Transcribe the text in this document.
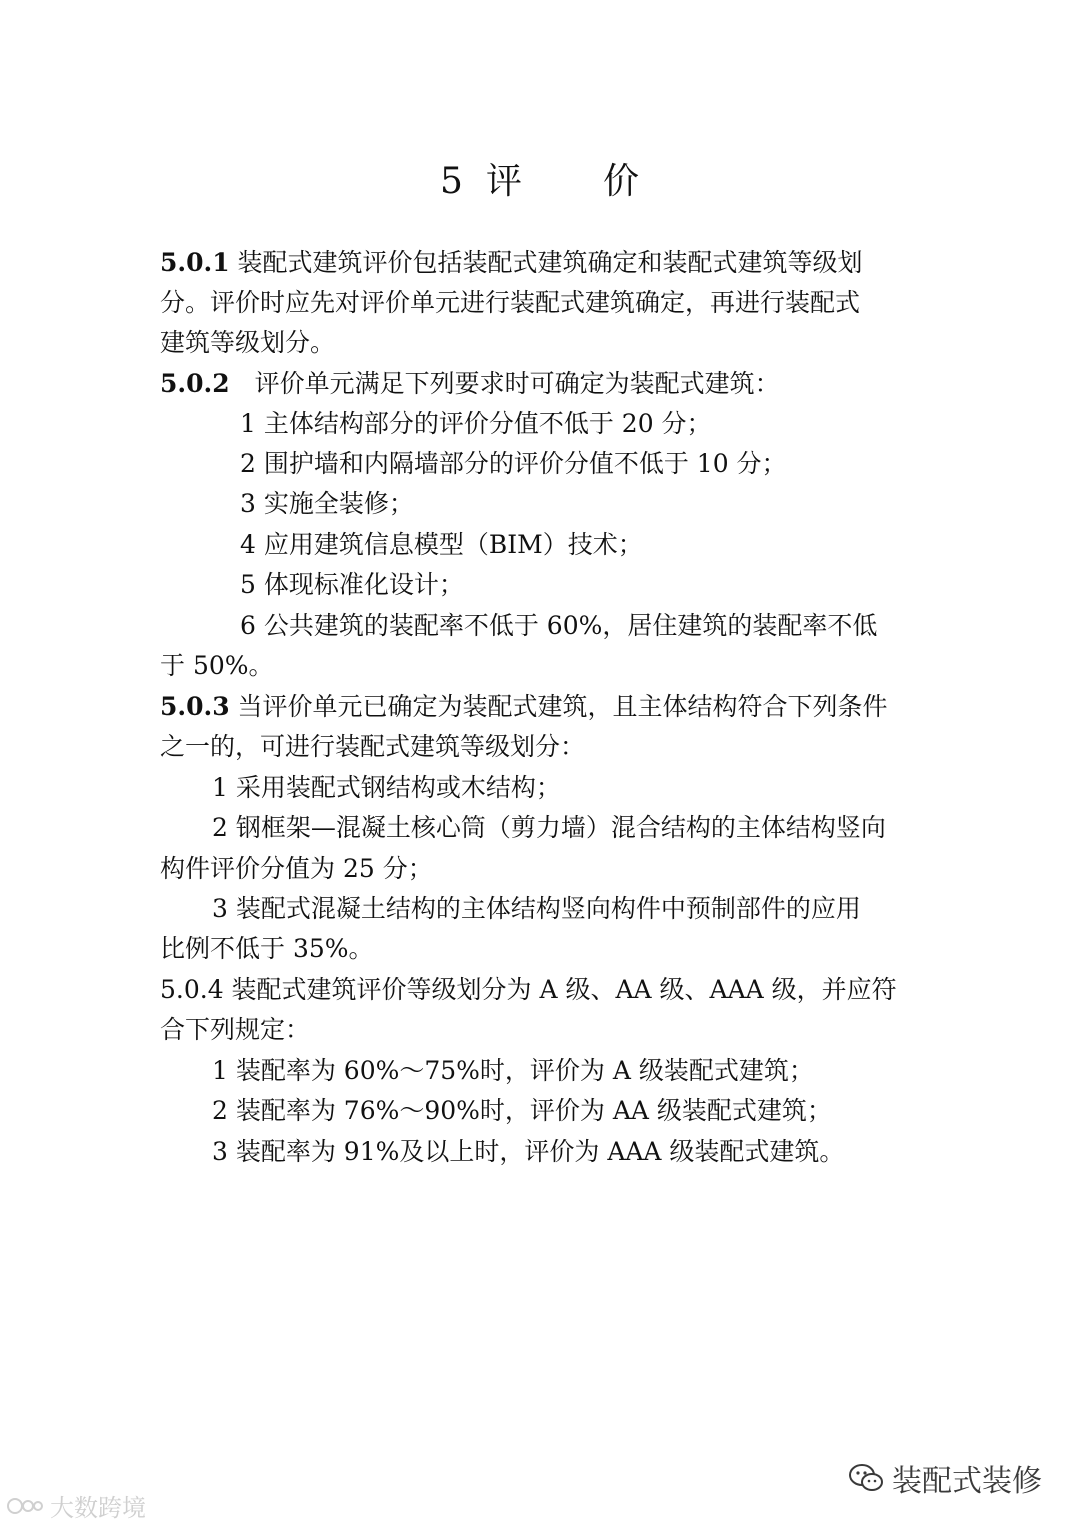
5 评 价
5.0.1 装配式建筑评价包括装配式建筑确定和装配式建筑等级划
分。评价时应先对评价单元进行装配式建筑确定，再进行装配式
建筑等级划分。
5.0.2　评价单元满足下列要求时可确定为装配式建筑：
1 主体结构部分的评价分值不低于 20 分；
2 围护墙和内隔墙部分的评价分值不低于 10 分；
3 实施全装修；
4 应用建筑信息模型（BIM）技术；
5 体现标准化设计；
6 公共建筑的装配率不低于 60%，居住建筑的装配率不低
于 50%。
5.0.3 当评价单元已确定为装配式建筑，且主体结构符合下列条件
之一的，可进行装配式建筑等级划分：
1 采用装配式钢结构或木结构；
2 钢框架—混凝土核心筒（剪力墙）混合结构的主体结构竖向
构件评价分值为 25 分；
3 装配式混凝土结构的主体结构竖向构件中预制部件的应用
比例不低于 35%。
5.0.4 装配式建筑评价等级划分为 A 级、AA 级、AAA 级，并应符
合下列规定：
1 装配率为 60%～75%时，评价为 A 级装配式建筑；
2 装配率为 76%～90%时，评价为 AA 级装配式建筑；
3 装配率为 91%及以上时，评价为 AAA 级装配式建筑。
装配式装修
大数跨境
